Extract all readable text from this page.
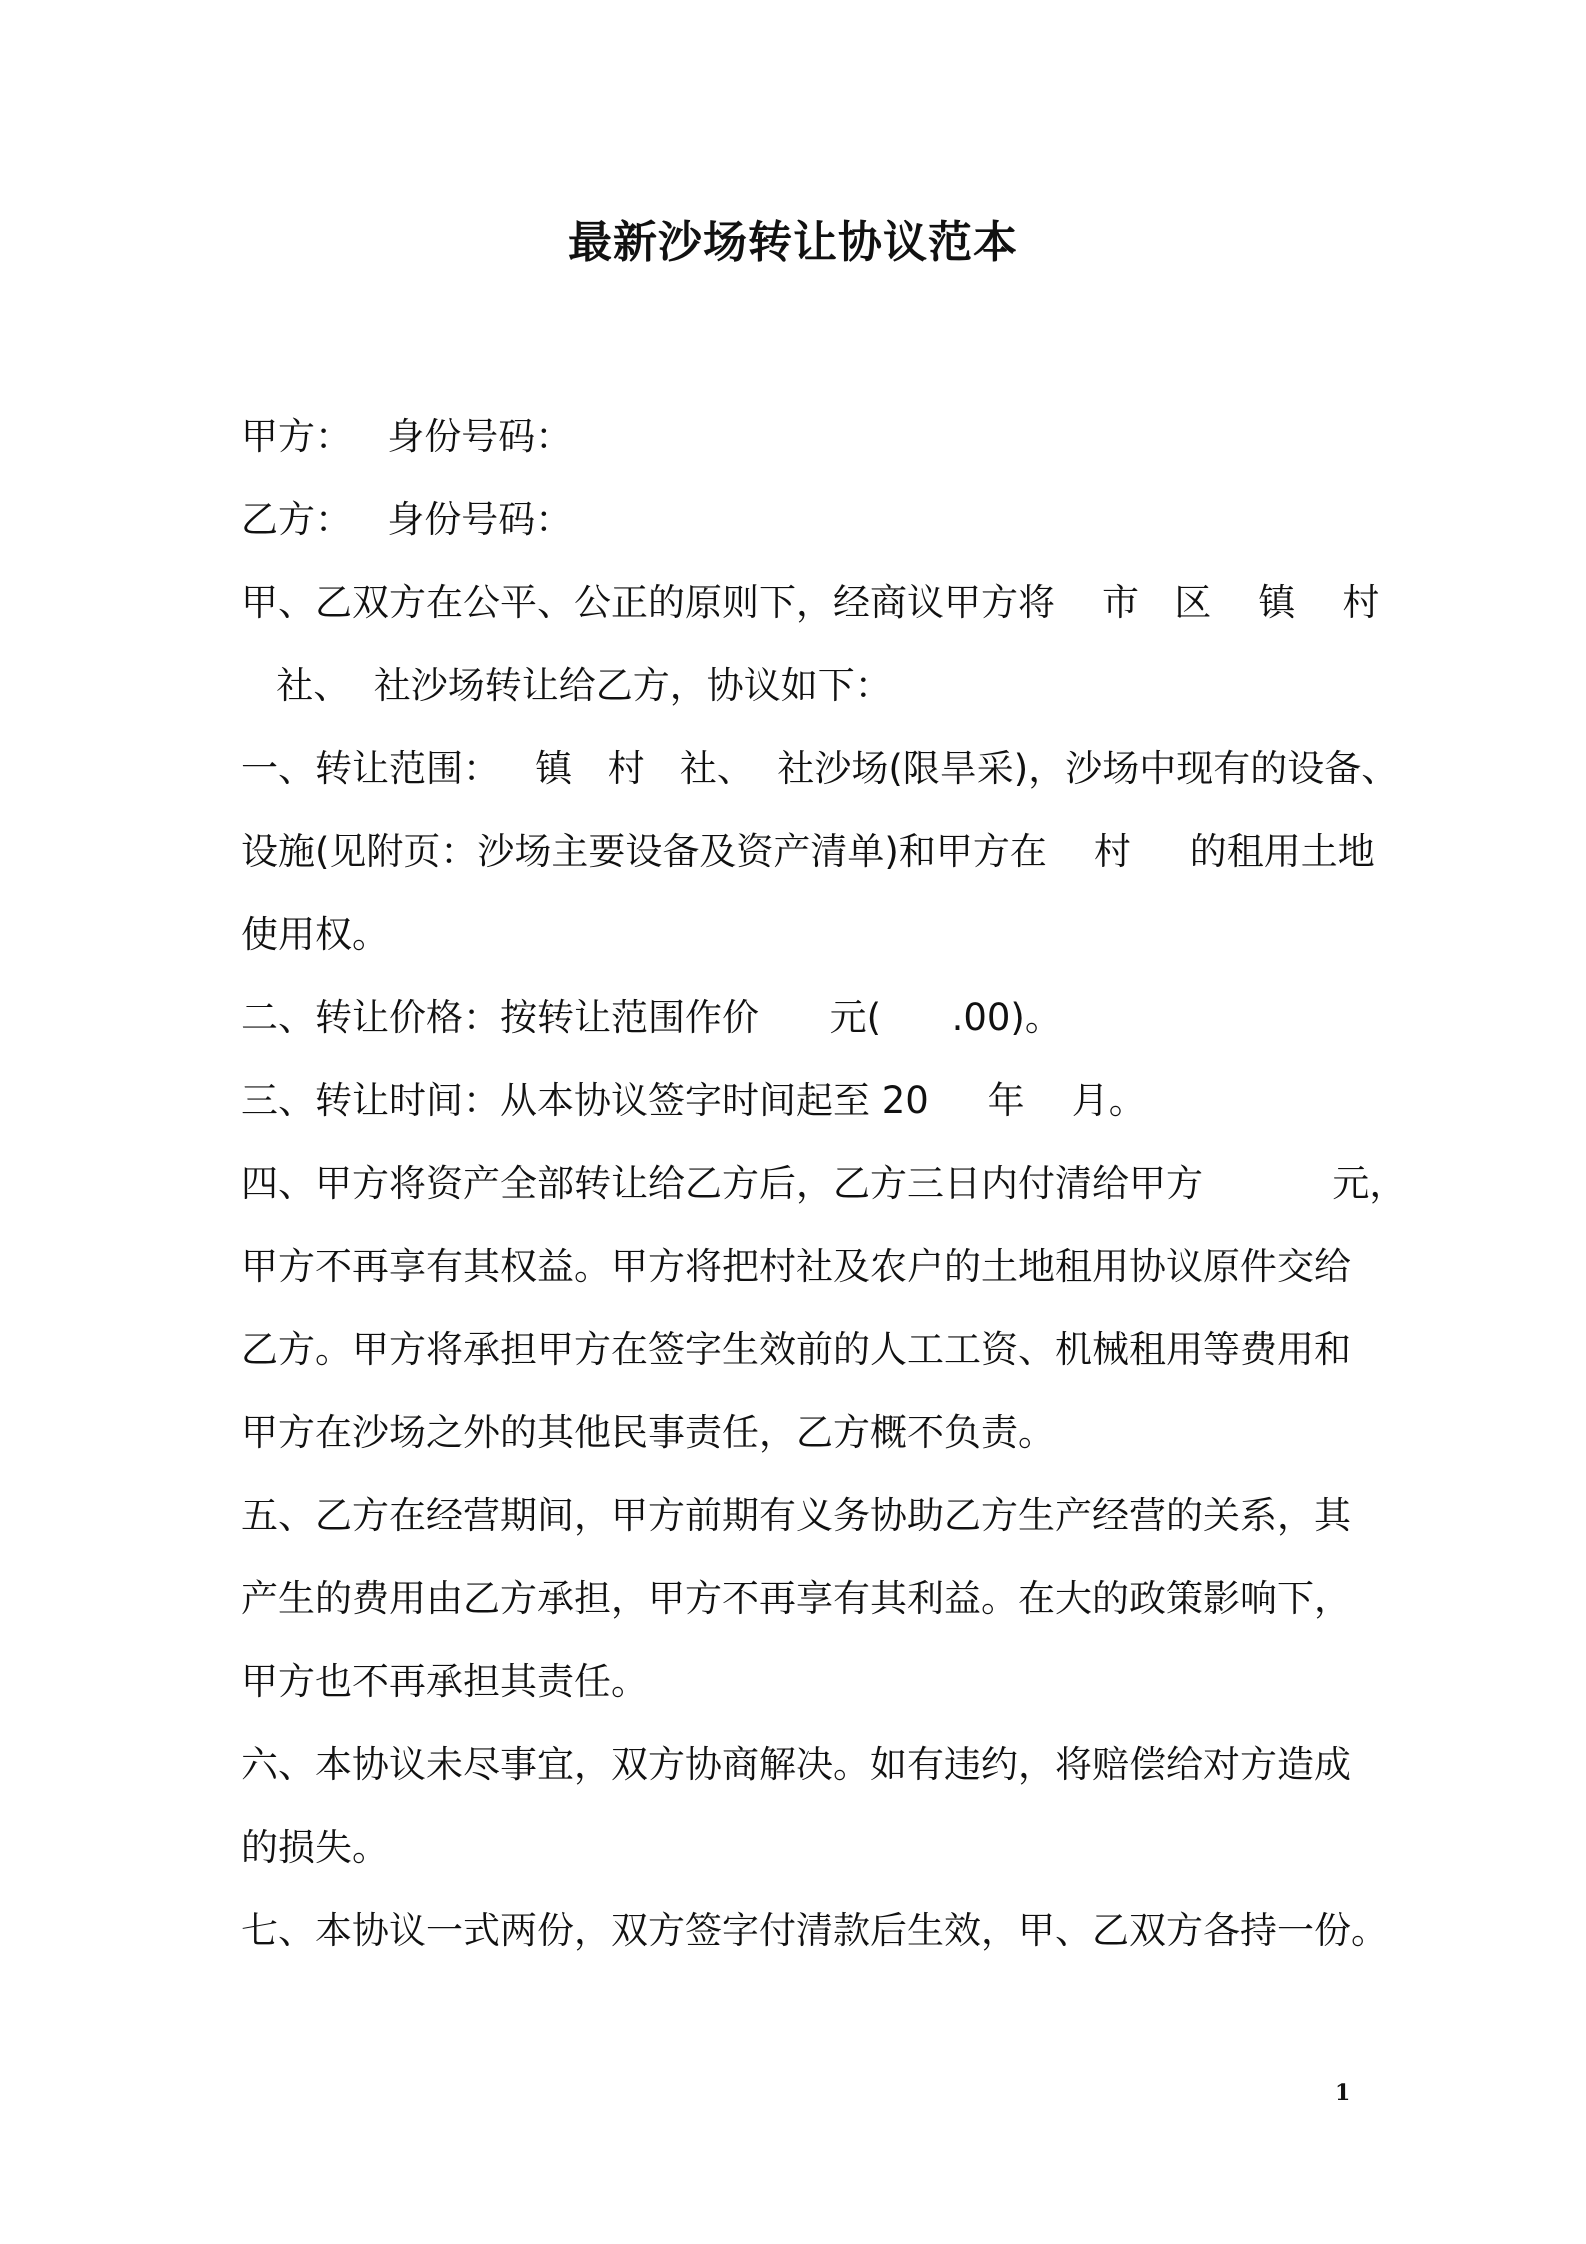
最新沙场转让协议范本
甲方：   身份号码：
乙方：   身份号码：
甲、乙双方在公平、公正的原则下，经商议甲方将    市   区    镇    村
社、  社沙场转让给乙方，协议如下：
一、转让范围：   镇   村   社、  社沙场(限旱采)，沙场中现有的设备、
设施(见附页：沙场主要设备及资产清单)和甲方在    村     的租用土地
使用权。
二、转让价格：按转让范围作价      元(      .00)。
三、转让时间：从本协议签字时间起至 20     年    月。
四、甲方将资产全部转让给乙方后，乙方三日内付清给甲方           元，
甲方不再享有其权益。甲方将把村社及农户的土地租用协议原件交给
乙方。甲方将承担甲方在签字生效前的人工工资、机械租用等费用和
甲方在沙场之外的其他民事责任，乙方概不负责。
五、乙方在经营期间，甲方前期有义务协助乙方生产经营的关系，其
产生的费用由乙方承担，甲方不再享有其利益。在大的政策影响下，
甲方也不再承担其责任。
六、本协议未尽事宜，双方协商解决。如有违约，将赔偿给对方造成
的损失。
七、本协议一式两份，双方签字付清款后生效，甲、乙双方各持一份。
1
